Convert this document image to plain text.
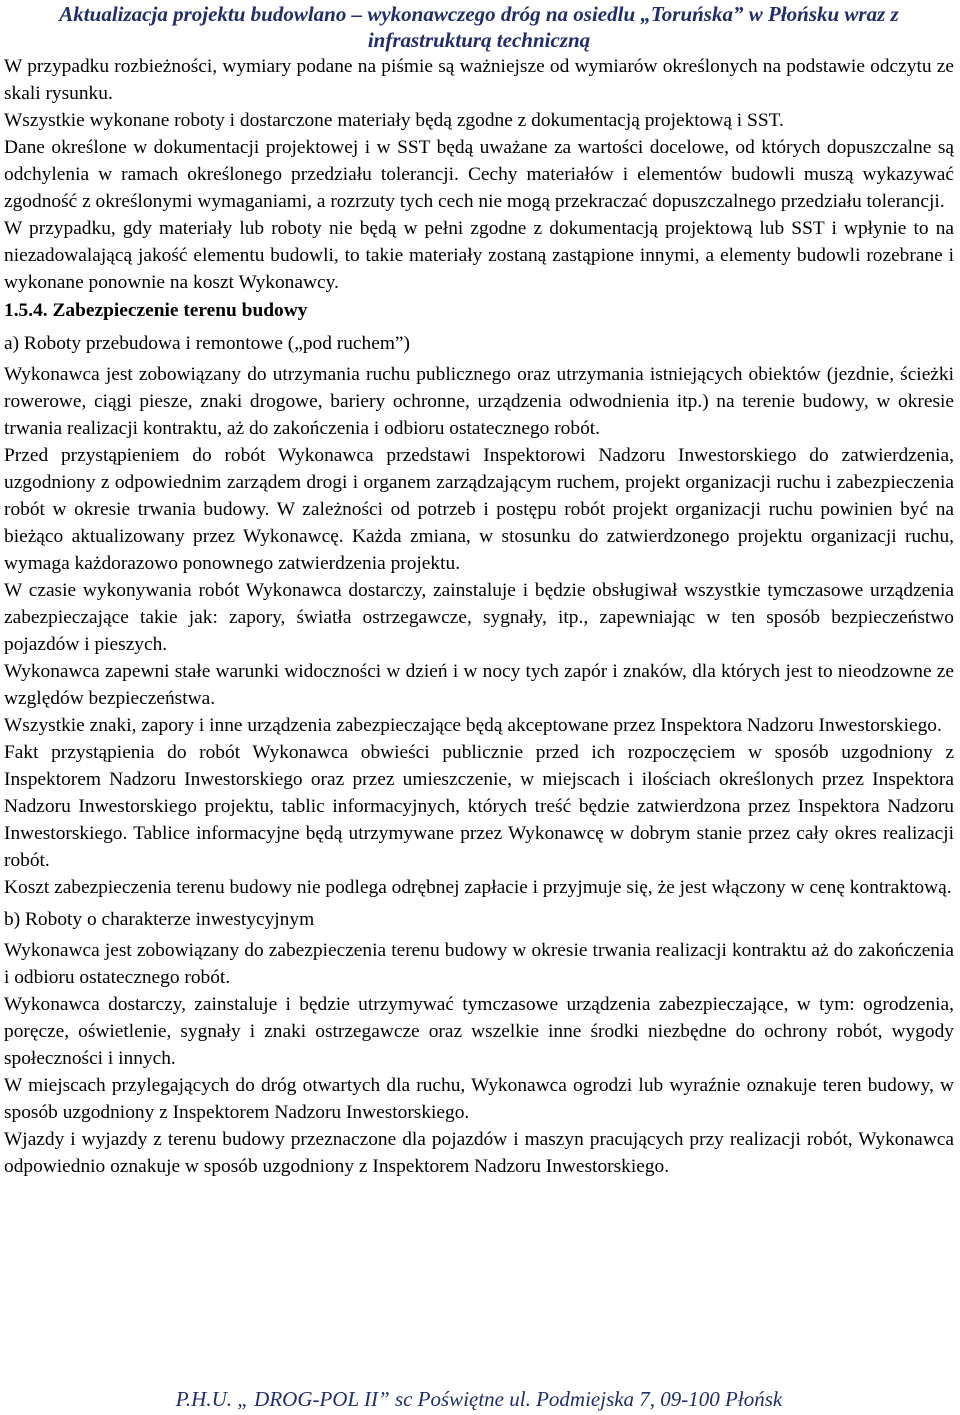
Aktualizacja projektu budowlano – wykonawczego dróg na osiedlu „Toruńska” w Płońsku wraz z
infrastrukturą techniczną

W przypadku rozbieżności, wymiary podane na piśmie są ważniejsze od wymiarów określonych na podstawie odczytu ze skali rysunku.

Wszystkie wykonane roboty i dostarczone materiały będą zgodne z dokumentacją projektową i SST.

Dane określone w dokumentacji projektowej i w SST będą uważane za wartości docelowe, od których dopuszczalne są odchylenia w ramach określonego przedziału tolerancji. Cechy materiałów i elementów budowli muszą wykazywać zgodność z określonymi wymaganiami, a rozrzuty tych cech nie mogą przekraczać dopuszczalnego przedziału tolerancji.

W przypadku, gdy materiały lub roboty nie będą w pełni zgodne z dokumentacją projektową lub SST i wpłynie to na niezadowalającą jakość elementu budowli, to takie materiały zostaną zastąpione innymi, a elementy budowli rozebrane i wykonane ponownie na koszt Wykonawcy.

1.5.4. Zabezpieczenie terenu budowy

a) Roboty przebudowa i remontowe („pod ruchem”)

Wykonawca jest zobowiązany do utrzymania ruchu publicznego oraz utrzymania istniejących obiektów (jezdnie, ścieżki rowerowe, ciągi piesze, znaki drogowe, bariery ochronne, urządzenia odwodnienia itp.) na terenie budowy, w okresie trwania realizacji kontraktu, aż do zakończenia i odbioru ostatecznego robót.

Przed przystąpieniem do robót Wykonawca przedstawi Inspektorowi Nadzoru Inwestorskiego do zatwierdzenia, uzgodniony z odpowiednim zarządem drogi i organem zarządzającym ruchem, projekt organizacji ruchu i zabezpieczenia robót w okresie trwania budowy. W zależności od potrzeb i postępu robót projekt organizacji ruchu powinien być na bieżąco aktualizowany przez Wykonawcę. Każda zmiana, w stosunku do zatwierdzonego projektu organizacji ruchu, wymaga każdorazowo ponownego zatwierdzenia projektu.

W czasie wykonywania robót Wykonawca dostarczy, zainstaluje i będzie obsługiwał wszystkie tymczasowe urządzenia zabezpieczające takie jak: zapory, światła ostrzegawcze, sygnały, itp., zapewniając w ten sposób bezpieczeństwo pojazdów i pieszych.

Wykonawca zapewni stałe warunki widoczności w dzień i w nocy tych zapór i znaków, dla których jest to nieodzowne ze względów bezpieczeństwa.

Wszystkie znaki, zapory i inne urządzenia zabezpieczające będą akceptowane przez Inspektora Nadzoru Inwestorskiego.

Fakt przystąpienia do robót Wykonawca obwieści publicznie przed ich rozpoczęciem w sposób uzgodniony z Inspektorem Nadzoru Inwestorskiego oraz przez umieszczenie, w miejscach i ilościach określonych przez Inspektora Nadzoru Inwestorskiego projektu, tablic informacyjnych, których treść będzie zatwierdzona przez Inspektora Nadzoru Inwestorskiego. Tablice informacyjne będą utrzymywane przez Wykonawcę w dobrym stanie przez cały okres realizacji robót.

Koszt zabezpieczenia terenu budowy nie podlega odrębnej zapłacie i przyjmuje się, że jest włączony w cenę kontraktową.

b) Roboty o charakterze inwestycyjnym

Wykonawca jest zobowiązany do zabezpieczenia terenu budowy w okresie trwania realizacji kontraktu aż do zakończenia i odbioru ostatecznego robót.

Wykonawca dostarczy, zainstaluje i będzie utrzymywać tymczasowe urządzenia zabezpieczające, w tym: ogrodzenia, poręcze, oświetlenie, sygnały i znaki ostrzegawcze oraz wszelkie inne środki niezbędne do ochrony robót, wygody społeczności i innych.

W miejscach przylegających do dróg otwartych dla ruchu, Wykonawca ogrodzi lub wyraźnie oznakuje teren budowy, w sposób uzgodniony z Inspektorem Nadzoru Inwestorskiego.

Wjazdy i wyjazdy z terenu budowy przeznaczone dla pojazdów i maszyn pracujących przy realizacji robót, Wykonawca odpowiednio oznakuje w sposób uzgodniony z Inspektorem Nadzoru Inwestorskiego.

P.H.U. „ DROG-POL II” sc Poświętne ul. Podmiejska 7, 09-100 Płońsk
